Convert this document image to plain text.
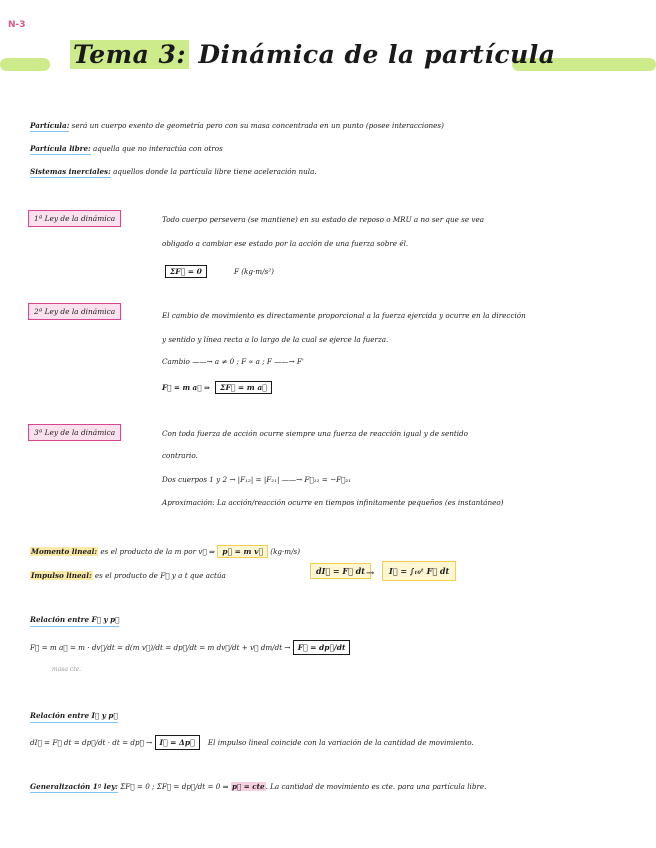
N-3
Tema 3: Dinámica de la partícula
Partícula: será un cuerpo exento de geometría pero con su masa concentrada en un punto (posee interacciones)
Partícula libre: aquella que no interactúa con otros
Sistemas inerciales: aquellos donde la partícula libre tiene aceleración nula.
1ª Ley de la dinámica	Todo cuerpo persevera (se mantiene) en su estado de reposo o MRU a no ser que se vea
obligado a cambiar ese estado por la acción de una fuerza sobre él.
ΣF⃗ = 0	F (kg·m/s²)
2ª Ley de la dinámica	El cambio de movimiento es directamente proporcional a la fuerza ejercida y ocurre en la dirección
y sentido y línea recta a lo largo de la cual se ejerce la fuerza.
Cambio ——→ a ≠ 0 ; F ∝ a ; F ——→ F'
F⃗ = m a⃗ ⇒ ΣF⃗ = m a⃗
3ª Ley de la dinámica	Con toda fuerza de acción ocurre siempre una fuerza de reacción igual y de sentido
contrario.
Dos cuerpos 1 y 2 → |F₁₂| = |F₂₁| ——→ F⃗₁₂ = −F⃗₂₁
Aproximación: La acción/reacción ocurre en tiempos infinitamente pequeños (es instantáneo)
Momento lineal: es el producto de la m por v⃗ ⇒ p⃗ = m v⃗ (kg·m/s)
Impulso lineal: es el producto de F⃗ y a t que actúa	dI⃗ = F⃗ dt →	I⃗ = ∫ₜ₀ᵗ F⃗ dt
Relación entre F⃗ y p⃗
F⃗ = m a⃗ = m · dv⃗/dt = d(m v⃗)/dt = dp⃗/dt = m dv⃗/dt + v⃗ dm/dt → F⃗ = dp⃗/dt
masa cte.
Relación entre I⃗ y p⃗
dI⃗ = F⃗ dt = dp⃗/dt · dt = dp⃗ → I⃗ = Δp⃗ El impulso lineal coincide con la variación de la cantidad de movimiento.
Generalización 1ª ley: ΣF⃗ = 0 ; ΣF⃗ = dp⃗/dt = 0 ⇒ p⃗ = cte. La cantidad de movimiento es cte. para una partícula libre.
